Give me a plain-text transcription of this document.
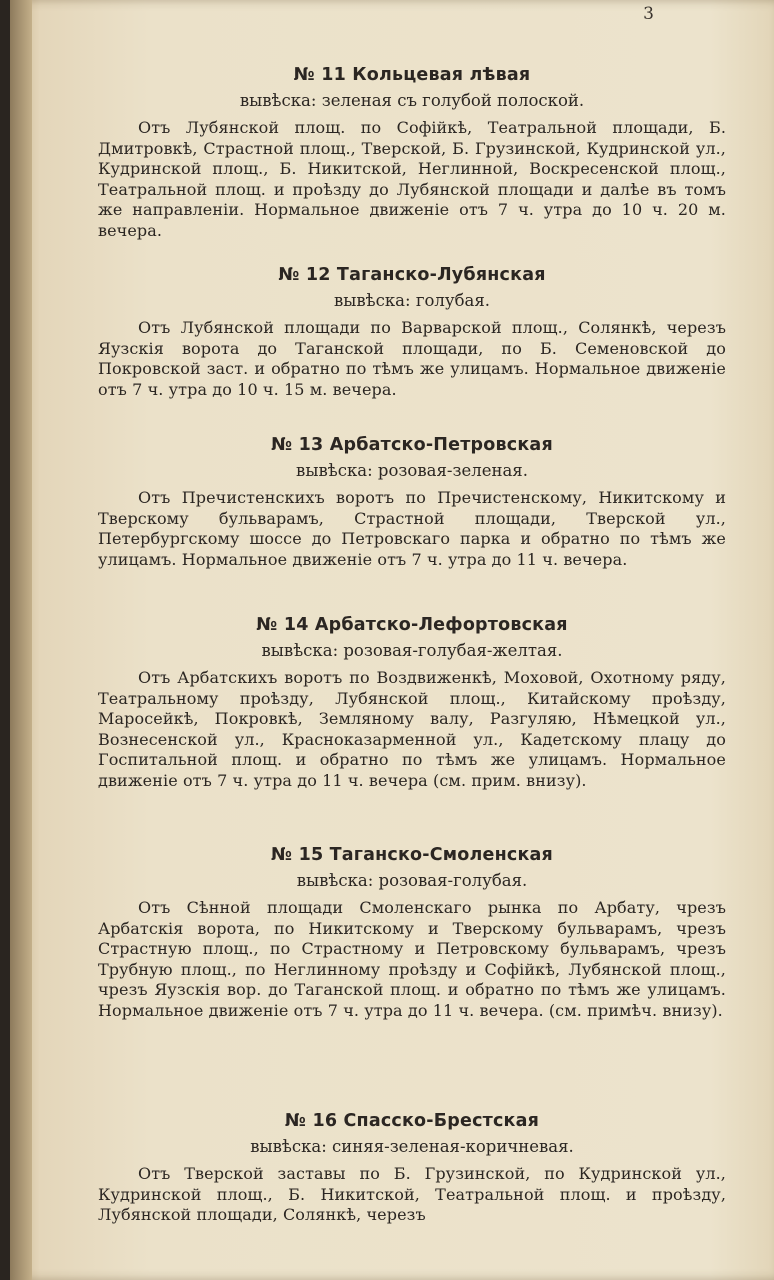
3

№ 11 Кольцевая лѣвая

вывѣска: зеленая съ голубой полоской.

Отъ Лубянской площ. по Софійкѣ, Театральной площади, Б. Дмитровкѣ, Страстной площ., Тверской, Б. Грузинской, Кудринской ул., Кудринской площ., Б. Никитской, Неглинной, Воскресенской площ., Театральной площ. и проѣзду до Лубянской площади и далѣе въ томъ же направленіи. Нормальное движеніе отъ 7 ч. утра до 10 ч. 20 м. вечера.

№ 12 Таганско-Лубянская

вывѣска: голубая.

Отъ Лубянской площади по Варварской площ., Солянкѣ, черезъ Яузскія ворота до Таганской площади, по Б. Семеновской до Покровской заст. и обратно по тѣмъ же улицамъ. Нормальное движеніе отъ 7 ч. утра до 10 ч. 15 м. вечера.

№ 13 Арбатско-Петровская

вывѣска: розовая-зеленая.

Отъ Пречистенскихъ воротъ по Пречистенскому, Никитскому и Тверскому бульварамъ, Страстной площади, Тверской ул., Петербургскому шоссе до Петровскаго парка и обратно по тѣмъ же улицамъ. Нормальное движеніе отъ 7 ч. утра до 11 ч. вечера.

№ 14 Арбатско-Лефортовская

вывѣска: розовая-голубая-желтая.

Отъ Арбатскихъ воротъ по Воздвиженкѣ, Моховой, Охотному ряду, Театральному проѣзду, Лубянской площ., Китайскому проѣзду, Маросейкѣ, Покровкѣ, Земляному валу, Разгуляю, Нѣмецкой ул., Вознесенской ул., Красноказарменной ул., Кадетскому плацу до Госпитальной площ. и обратно по тѣмъ же улицамъ. Нормальное движеніе отъ 7 ч. утра до 11 ч. вечера (см. прим. внизу).

№ 15 Таганско-Смоленская

вывѣска: розовая-голубая.

Отъ Сѣнной площади Смоленскаго рынка по Арбату, чрезъ Арбатскія ворота, по Никитскому и Тверскому бульварамъ, чрезъ Страстную площ., по Страстному и Петровскому бульварамъ, чрезъ Трубную площ., по Неглинному проѣзду и Софійкѣ, Лубянской площ., чрезъ Яузскія вор. до Таганской площ. и обратно по тѣмъ же улицамъ. Нормальное движеніе отъ 7 ч. утра до 11 ч. вечера. (см. примѣч. внизу).

№ 16 Спасско-Брестская

вывѣска: синяя-зеленая-коричневая.

Отъ Тверской заставы по Б. Грузинской, по Кудринской ул., Кудринской площ., Б. Никитской, Театральной площ. и проѣзду, Лубянской площади, Солянкѣ, черезъ
